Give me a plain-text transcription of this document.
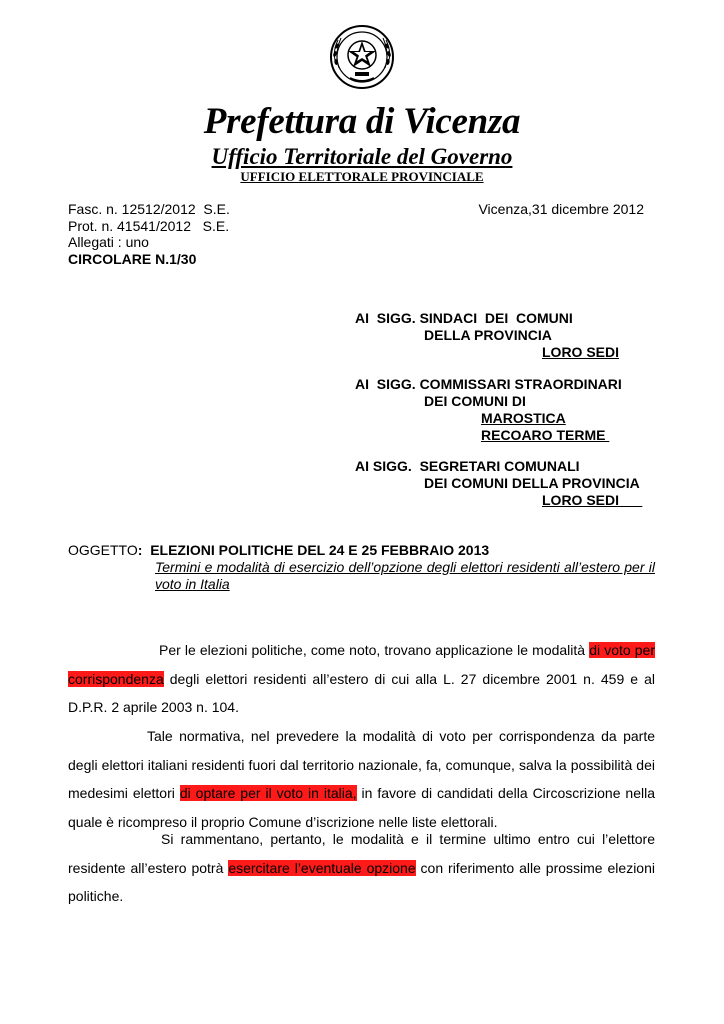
Prefettura di Vicenza
Ufficio Territoriale del Governo
UFFICIO ELETTORALE PROVINCIALE
Fasc. n. 12512/2012  S.E.
Prot. n. 41541/2012   S.E.
Allegati : uno
CIRCOLARE N.1/30
Vicenza,31 dicembre 2012
AI  SIGG. SINDACI  DEI  COMUNI
DELLA PROVINCIA
LORO SEDI
AI  SIGG. COMMISSARI STRAORDINARI
DEI COMUNI DI
MAROSTICA
RECOARO TERME
AI SIGG.  SEGRETARI COMUNALI
DEI COMUNI DELLA PROVINCIA
LORO SEDI
OGGETTO: ELEZIONI POLITICHE DEL 24 E 25 FEBBRAIO 2013
Termini e modalità di esercizio dell’opzione degli elettori residenti all’estero per il voto in Italia

Per le elezioni politiche, come noto, trovano applicazione le modalità di voto per corrispondenza degli elettori residenti all’estero di cui alla L. 27 dicembre 2001 n. 459 e al D.P.R. 2 aprile 2003 n. 104.

Tale normativa, nel prevedere la modalità di voto per corrispondenza da parte degli elettori italiani residenti fuori dal territorio nazionale, fa, comunque, salva la possibilità dei medesimi elettori di optare per il voto in italia, in favore di candidati della Circoscrizione nella quale è ricompreso il proprio Comune d’iscrizione nelle liste elettorali.

Si rammentano, pertanto, le modalità e il termine ultimo entro cui l’elettore residente all’estero potrà esercitare l’eventuale opzione con riferimento alle prossime elezioni politiche.
